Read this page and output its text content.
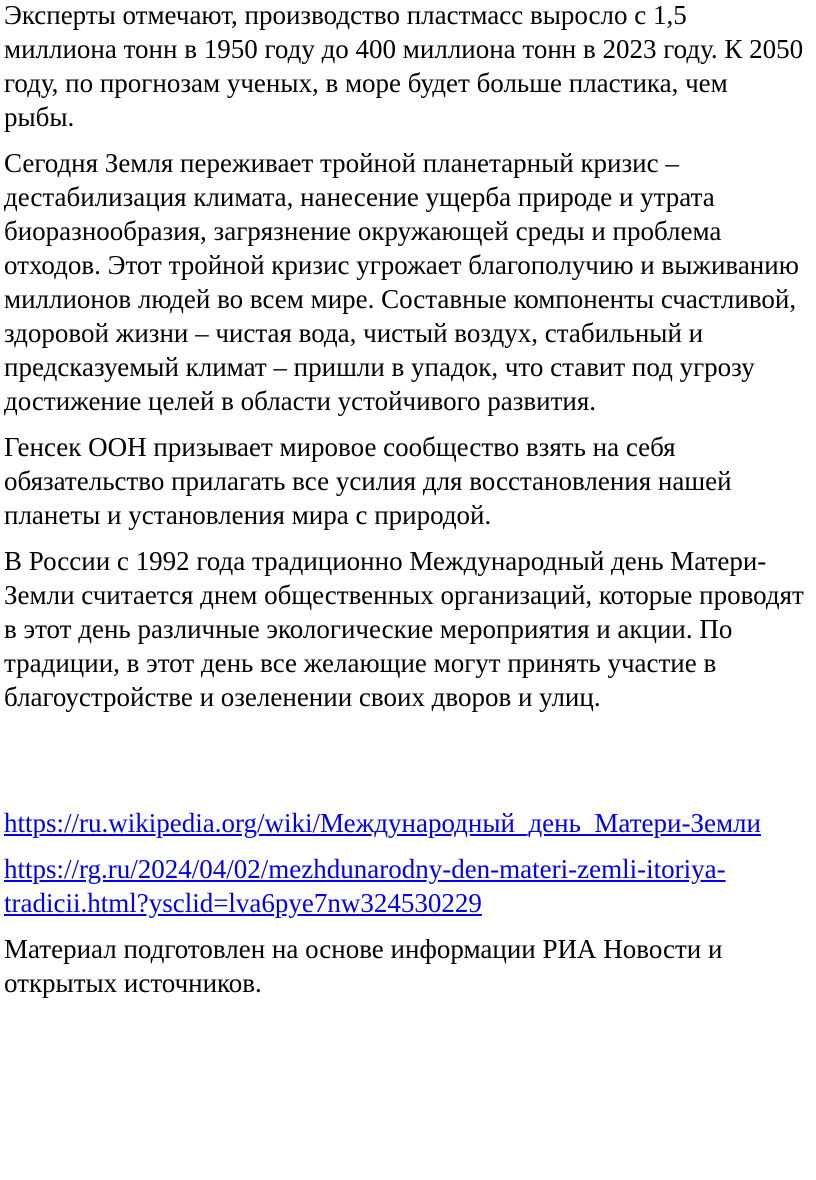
Эксперты отмечают, производство пластмасс выросло с 1,5 миллиона тонн в 1950 году до 400 миллиона тонн в 2023 году. К 2050 году, по прогнозам ученых, в море будет больше пластика, чем рыбы.

Сегодня Земля переживает тройной планетарный кризис – дестабилизация климата, нанесение ущерба природе и утрата биоразнообразия, загрязнение окружающей среды и проблема отходов. Этот тройной кризис угрожает благополучию и выживанию миллионов людей во всем мире. Составные компоненты счастливой, здоровой жизни – чистая вода, чистый воздух, стабильный и предсказуемый климат – пришли в упадок, что ставит под угрозу достижение целей в области устойчивого развития.

Генсек ООН призывает мировое сообщество взять на себя обязательство прилагать все усилия для восстановления нашей планеты и установления мира с природой.

В России с 1992 года традиционно Международный день Матери-Земли считается днем общественных организаций, которые проводят в этот день различные экологические мероприятия и акции. По традиции, в этот день все желающие могут принять участие в благоустройстве и озеленении своих дворов и улиц.

https://ru.wikipedia.org/wiki/Международный_день_Матери-Земли

https://rg.ru/2024/04/02/mezhdunarodny-den-materi-zemli-itoriya-tradicii.html?ysclid=lva6pye7nw324530229

Материал подготовлен на основе информации РИА Новости и открытых источников.
